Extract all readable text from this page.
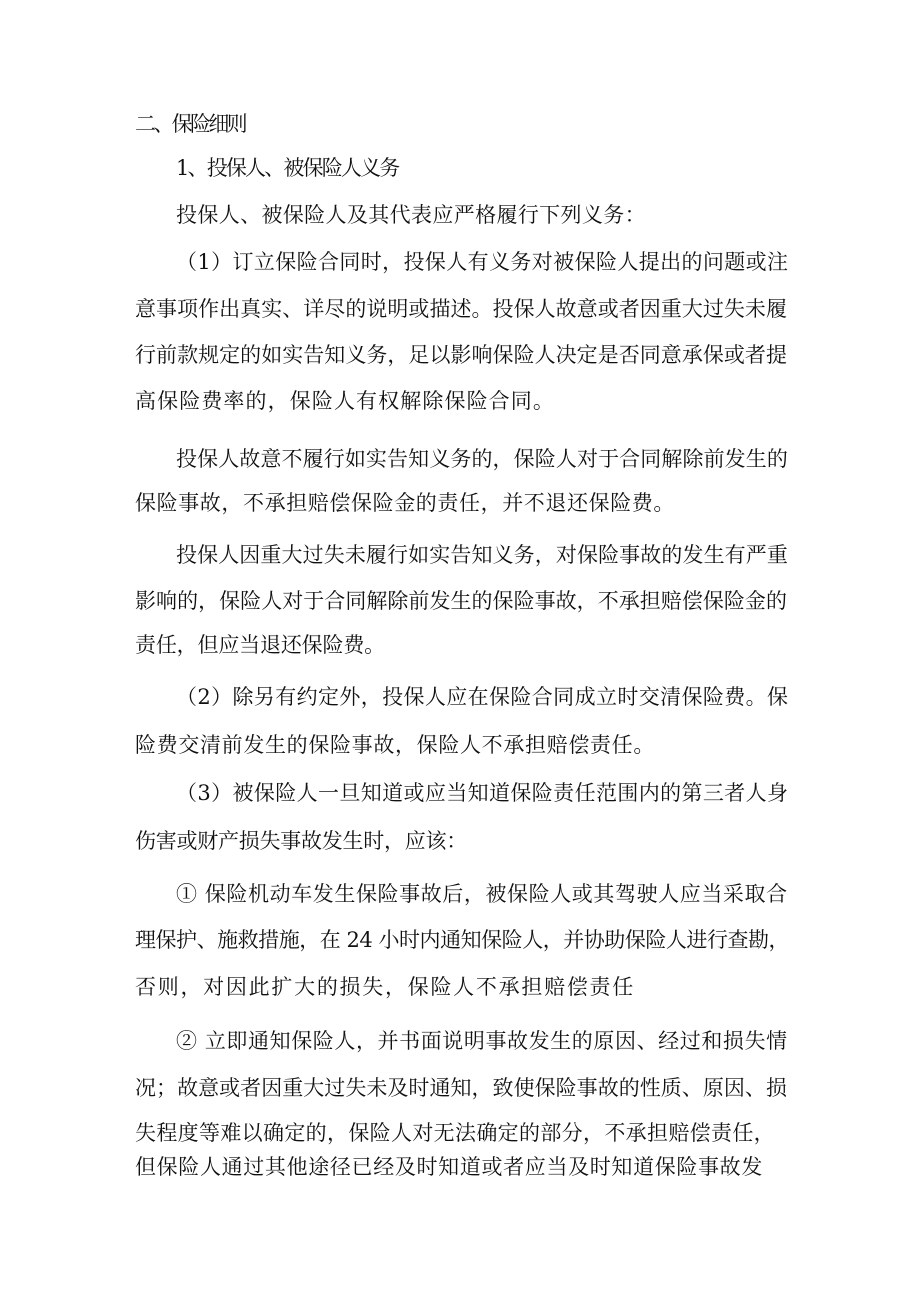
二、保险细则
1、投保人、被保险人义务
投保人、被保险人及其代表应严格履行下列义务：
（1）订立保险合同时，投保人有义务对被保险人提出的问题或注
意事项作出真实、详尽的说明或描述。投保人故意或者因重大过失未履
行前款规定的如实告知义务，足以影响保险人决定是否同意承保或者提
高保险费率的，保险人有权解除保险合同。
投保人故意不履行如实告知义务的，保险人对于合同解除前发生的
保险事故，不承担赔偿保险金的责任，并不退还保险费。
投保人因重大过失未履行如实告知义务，对保险事故的发生有严重
影响的，保险人对于合同解除前发生的保险事故，不承担赔偿保险金的
责任，但应当退还保险费。
（2）除另有约定外，投保人应在保险合同成立时交清保险费。保
险费交清前发生的保险事故，保险人不承担赔偿责任。
（3）被保险人一旦知道或应当知道保险责任范围内的第三者人身
伤害或财产损失事故发生时，应该：
① 保险机动车发生保险事故后，被保险人或其驾驶人应当采取合
理保护、施救措施，在 24 小时内通知保险人，并协助保险人进行查勘，
否则，对因此扩大的损失，保险人不承担赔偿责任
② 立即通知保险人，并书面说明事故发生的原因、经过和损失情
况；故意或者因重大过失未及时通知，致使保险事故的性质、原因、损
失程度等难以确定的，保险人对无法确定的部分，不承担赔偿责任，
但保险人通过其他途径已经及时知道或者应当及时知道保险事故发
